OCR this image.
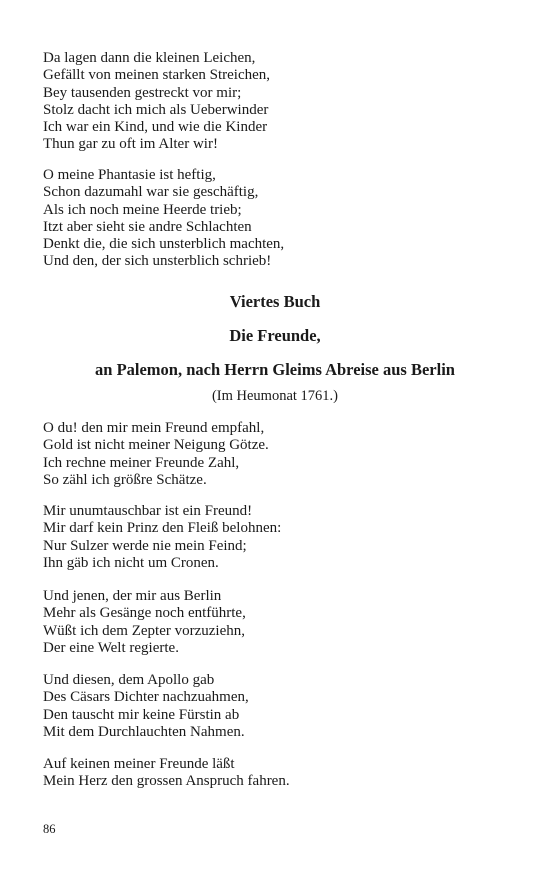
Da lagen dann die kleinen Leichen,
Gefällt von meinen starken Streichen,
Bey tausenden gestreckt vor mir;
Stolz dacht ich mich als Ueberwinder
Ich war ein Kind, und wie die Kinder
Thun gar zu oft im Alter wir!
O meine Phantasie ist heftig,
Schon dazumahl war sie geschäftig,
Als ich noch meine Heerde trieb;
Itzt aber sieht sie andre Schlachten
Denkt die, die sich unsterblich machten,
Und den, der sich unsterblich schrieb!
Viertes Buch
Die Freunde,
an Palemon, nach Herrn Gleims Abreise aus Berlin
(Im Heumonat 1761.)
O du! den mir mein Freund empfahl,
Gold ist nicht meiner Neigung Götze.
Ich rechne meiner Freunde Zahl,
So zähl ich größre Schätze.
Mir unumtauschbar ist ein Freund!
Mir darf kein Prinz den Fleiß belohnen:
Nur Sulzer werde nie mein Feind;
Ihn gäb ich nicht um Cronen.
Und jenen, der mir aus Berlin
Mehr als Gesänge noch entführte,
Wüßt ich dem Zepter vorzuziehn,
Der eine Welt regierte.
Und diesen, dem Apollo gab
Des Cäsars Dichter nachzuahmen,
Den tauscht mir keine Fürstin ab
Mit dem Durchlauchten Nahmen.
Auf keinen meiner Freunde läßt
Mein Herz den grossen Anspruch fahren.
86
